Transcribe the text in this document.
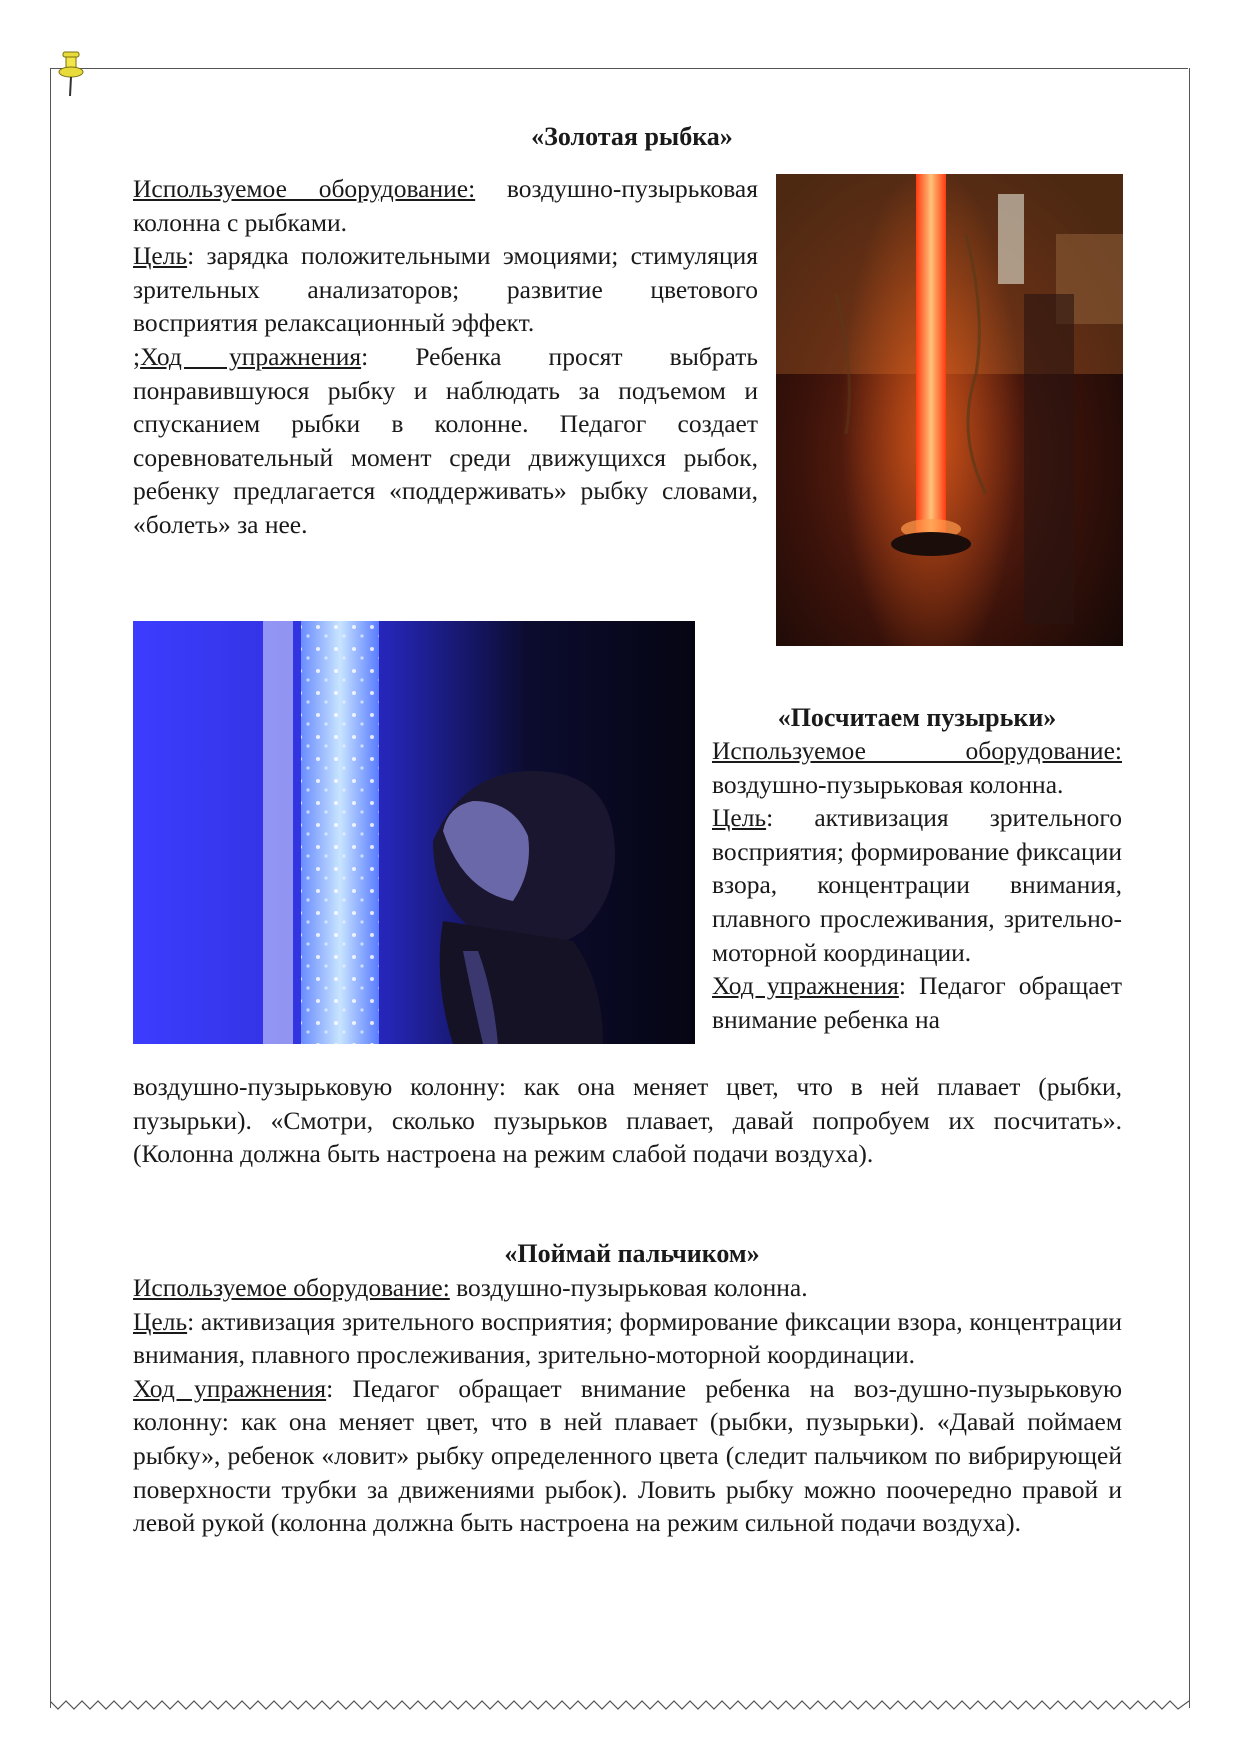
«Золотая рыбка»

Используемое оборудование: воздушно-пузырьковая колонна с рыбками.
Цель: зарядка положительными эмоциями; стимуляция зрительных анализаторов; развитие цветового восприятия релаксационный эффект.
;Ход упражнения: Ребенка просят выбрать понравившуюся рыбку и наблюдать за подъемом и спусканием рыбки в колонне. Педагог создает соревновательный момент среди движущихся рыбок, ребенку предлагается «поддерживать» рыбку словами, «болеть» за нее.

«Посчитаем пузырьки»

Используемое оборудование: воздушно-пузырьковая колонна.
Цель: активизация зрительного восприятия; формирование фиксации взора, концентрации внимания, плавного прослеживания, зрительно-моторной координации.
Ход упражнения: Педагог обращает внимание ребенка на

воздушно-пузырьковую колонну: как она меняет цвет, что в ней плавает (рыбки, пузырьки). «Смотри, сколько пузырьков плавает, давай попробуем их посчитать». (Колонна должна быть настроена на режим слабой подачи воздуха).

«Поймай пальчиком»

Используемое оборудование: воздушно-пузырьковая колонна.
Цель: активизация зрительного восприятия; формирование фиксации взора, концентрации внимания, плавного прослеживания, зрительно-моторной координации.
Ход упражнения: Педагог обращает внимание ребенка на воз-душно-пузырьковую колонну: как она меняет цвет, что в ней плавает (рыбки, пузырьки). «Давай поймаем рыбку», ребенок «ловит» рыбку определенного цвета (следит пальчиком по вибрирующей поверхности трубки за движениями рыбок). Ловить рыбку можно поочередно правой и левой рукой (колонна должна быть настроена на режим сильной подачи воздуха).
